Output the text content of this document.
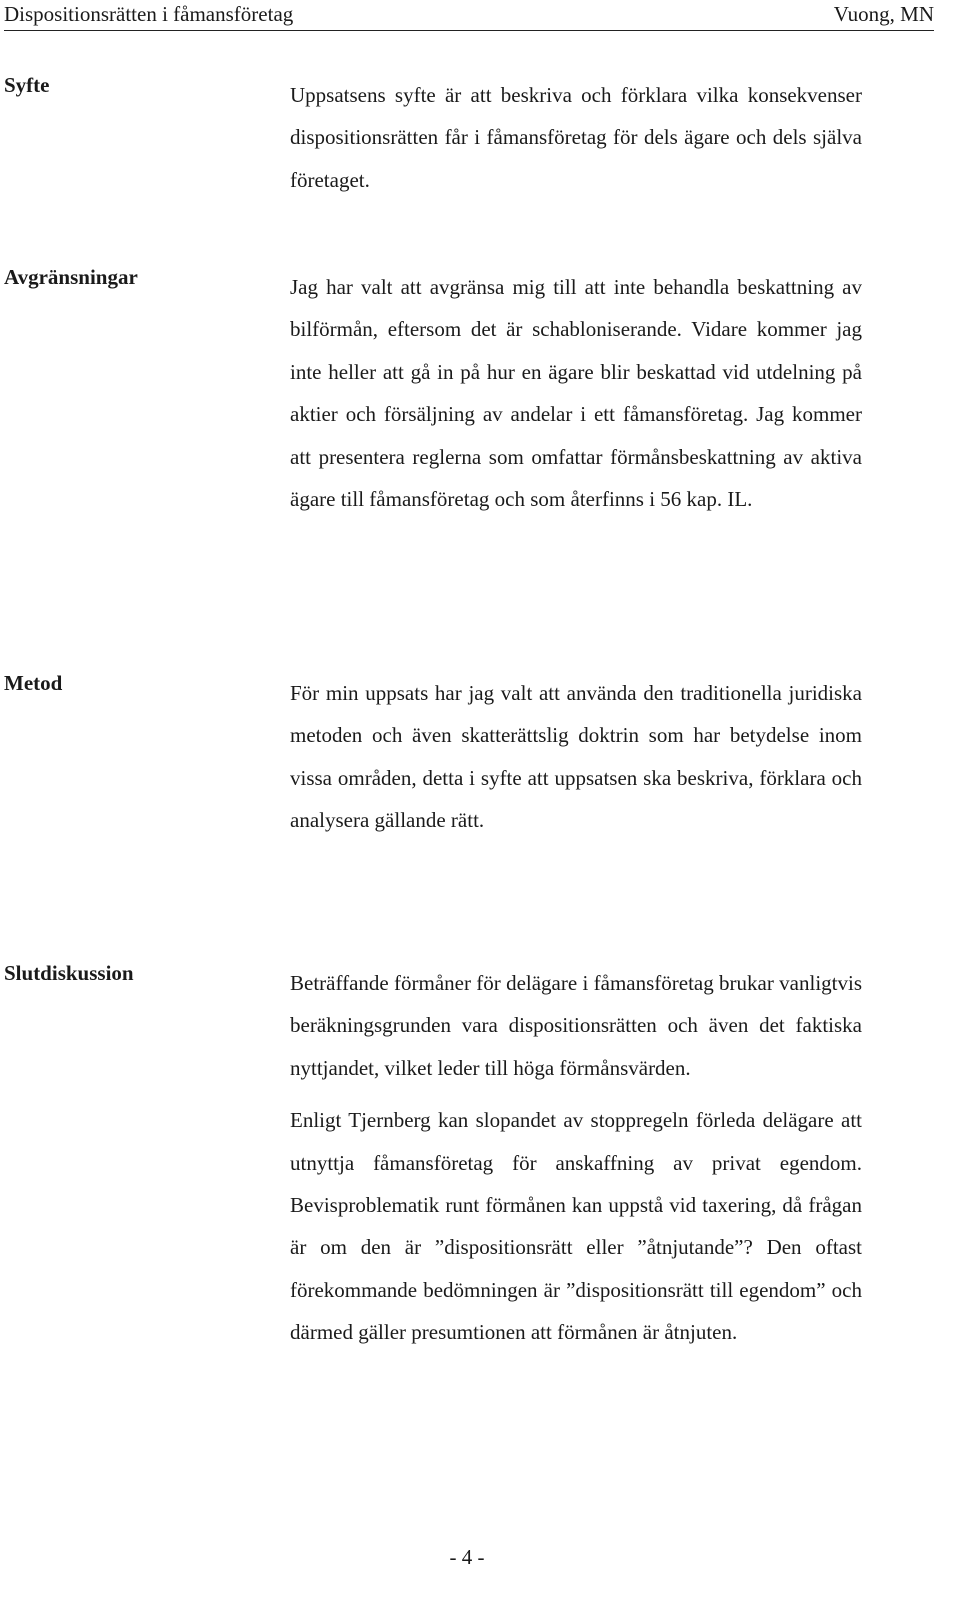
Dispositionsrätten i fåmansföretag	Vuong, MN
Syfte	Uppsatsens syfte är att beskriva och förklara vilka konsekvenser dispositionsrätten får i fåmansföretag för dels ägare och dels själva företaget.

Avgränsningar	Jag har valt att avgränsa mig till att inte behandla beskattning av bilförmån, eftersom det är schabloniserande. Vidare kommer jag inte heller att gå in på hur en ägare blir beskattad vid utdelning på aktier och försäljning av andelar i ett fåmansföretag. Jag kommer att presentera reglerna som omfattar förmånsbeskattning av aktiva ägare till fåmansföretag och som återfinns i 56 kap. IL.

Metod	För min uppsats har jag valt att använda den traditionella juridiska metoden och även skatterättslig doktrin som har betydelse inom vissa områden, detta i syfte att uppsatsen ska beskriva, förklara och analysera gällande rätt.

Slutdiskussion	Beträffande förmåner för delägare i fåmansföretag brukar vanligtvis beräkningsgrunden vara dispositionsrätten och även det faktiska nyttjandet, vilket leder till höga förmånsvärden.

Enligt Tjernberg kan slopandet av stoppregeln förleda delägare att utnyttja fåmansföretag för anskaffning av privat egendom. Bevisproblematik runt förmånen kan uppstå vid taxering, då frågan är om den är ”dispositionsrätt eller ”åtnjutande”? Den oftast förekommande bedömningen är ”dispositionsrätt till egendom” och därmed gäller presumtionen att förmånen är åtnjuten.

- 4 -
